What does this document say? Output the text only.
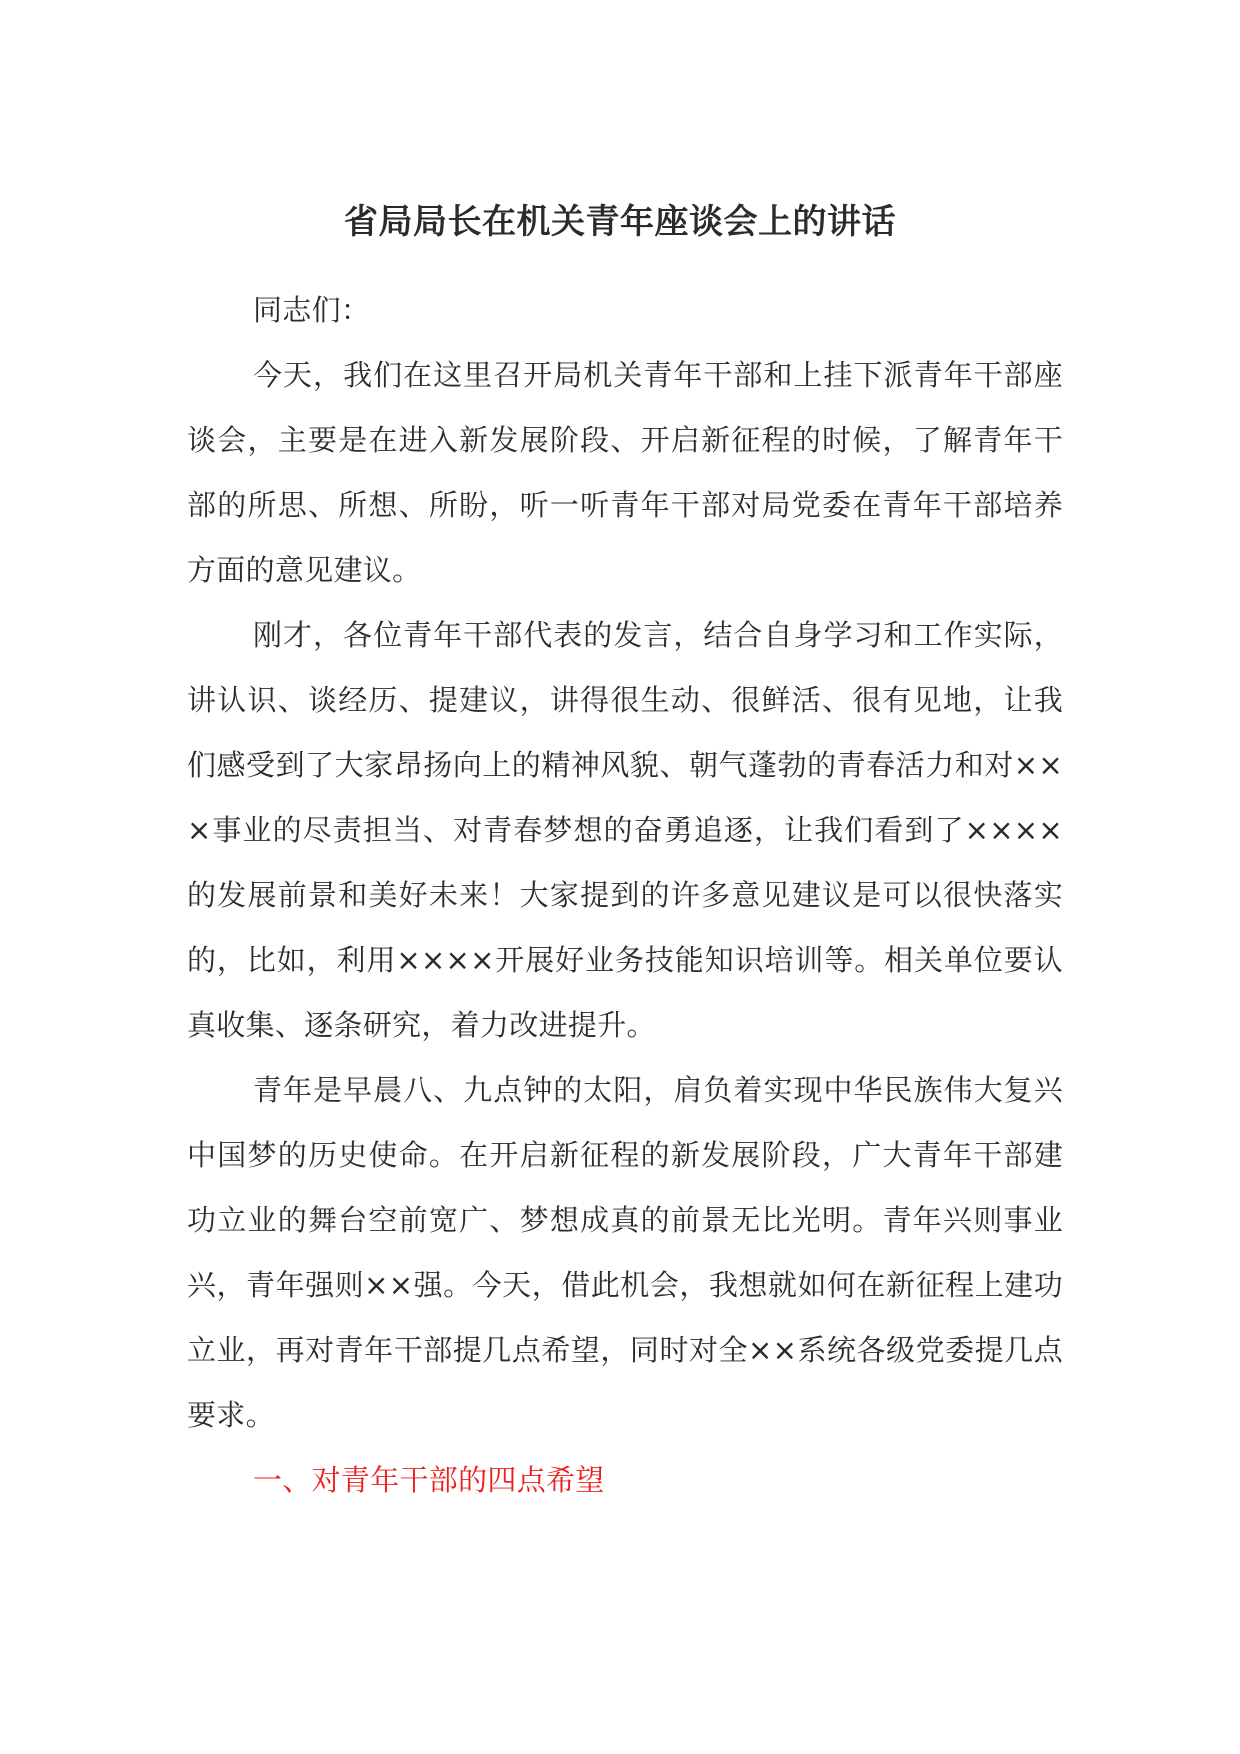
省局局长在机关青年座谈会上的讲话

同志们：

今天，我们在这里召开局机关青年干部和上挂下派青年干部座谈会，主要是在进入新发展阶段、开启新征程的时候，了解青年干部的所思、所想、所盼，听一听青年干部对局党委在青年干部培养方面的意见建议。

刚才，各位青年干部代表的发言，结合自身学习和工作实际，讲认识、谈经历、提建议，讲得很生动、很鲜活、很有见地，让我们感受到了大家昂扬向上的精神风貌、朝气蓬勃的青春活力和对×××事业的尽责担当、对青春梦想的奋勇追逐，让我们看到了××××的发展前景和美好未来！大家提到的许多意见建议是可以很快落实的，比如，利用××××开展好业务技能知识培训等。相关单位要认真收集、逐条研究，着力改进提升。

青年是早晨八、九点钟的太阳，肩负着实现中华民族伟大复兴中国梦的历史使命。在开启新征程的新发展阶段，广大青年干部建功立业的舞台空前宽广、梦想成真的前景无比光明。青年兴则事业兴，青年强则××强。今天，借此机会，我想就如何在新征程上建功立业，再对青年干部提几点希望，同时对全××系统各级党委提几点要求。

一、对青年干部的四点希望
